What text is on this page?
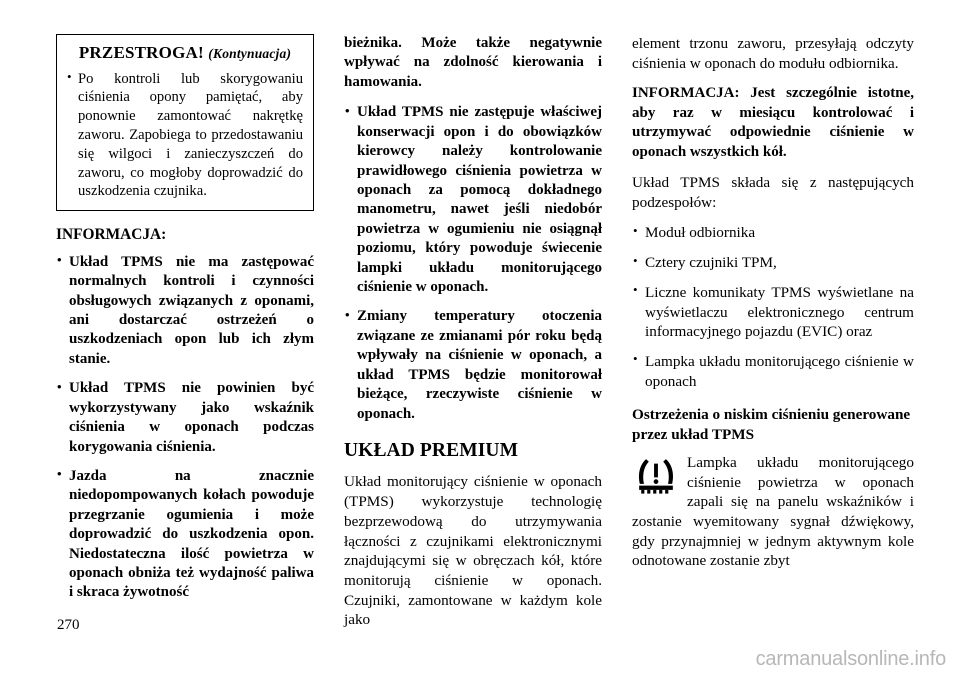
PRZESTROGA! (Kontynuacja)
• Po kontroli lub skorygowaniu ciśnienia opony pamiętać, aby ponownie zamontować nakrętkę zaworu. Zapobiega to przedostawaniu się wilgoci i zanieczyszczeń do zaworu, co mogłoby doprowadzić do uszkodzenia czujnika.
INFORMACJA:
• Układ TPMS nie ma zastępować normalnych kontroli i czynności obsługowych związanych z oponami, ani dostarczać ostrzeżeń o uszkodzeniach opon lub ich złym stanie.
• Układ TPMS nie powinien być wykorzystywany jako wskaźnik ciśnienia w oponach podczas korygowania ciśnienia.
• Jazda na znacznie niedopompowanych kołach powoduje przegrzanie ogumienia i może doprowadzić do uszkodzenia opon. Niedostateczna ilość powietrza w oponach obniża też wydajność paliwa i skraca żywotność

bieżnika. Może także negatywnie wpływać na zdolność kierowania i hamowania.

• Układ TPMS nie zastępuje właściwej konserwacji opon i do obowiązków kierowcy należy kontrolowanie prawidłowego ciśnienia powietrza w oponach za pomocą dokładnego manometru, nawet jeśli niedobór powietrza w ogumieniu nie osiągnął poziomu, który powoduje świecenie lampki układu monitorującego ciśnienie w oponach.
• Zmiany temperatury otoczenia związane ze zmianami pór roku będą wpływały na ciśnienie w oponach, a układ TPMS będzie monitorował bieżące, rzeczywiste ciśnienie w oponach.
UKŁAD PREMIUM

Układ monitorujący ciśnienie w oponach (TPMS) wykorzystuje technologię bezprzewodową do utrzymywania łączności z czujnikami elektronicznymi znajdującymi się w obręczach kół, które monitorują ciśnienie w oponach. Czujniki, zamontowane w każdym kole jako

element trzonu zaworu, przesyłają odczyty ciśnienia w oponach do modułu odbiornika.

INFORMACJA: Jest szczególnie istotne, aby raz w miesiącu kontrolować i utrzymywać odpowiednie ciśnienie w oponach wszystkich kół.

Układ TPMS składa się z następujących podzespołów:

• Moduł odbiornika
• Cztery czujniki TPM,
• Liczne komunikaty TPMS wyświetlane na wyświetlaczu elektronicznego centrum informacyjnego pojazdu (EVIC) oraz
• Lampka układu monitorującego ciśnienie w oponach
Ostrzeżenia o niskim ciśnieniu generowane przez układ TPMS

Lampka układu monitorującego ciśnienie powietrza w oponach zapali się na panelu wskaźników i zostanie wyemitowany sygnał dźwiękowy, gdy przynajmniej w jednym aktywnym kole odnotowane zostanie zbyt

270
carmanualsonline.info
